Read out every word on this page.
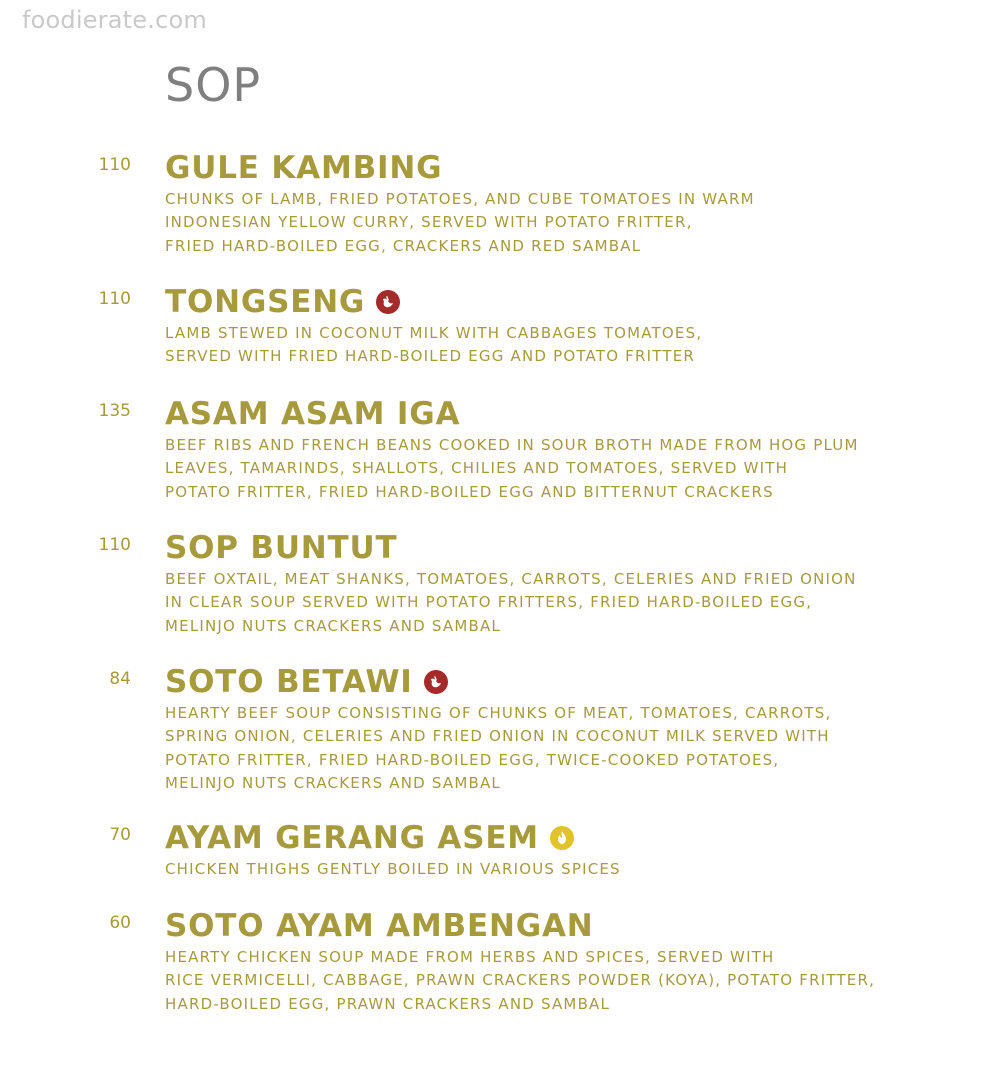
foodierate.com
SOP
110 GULE KAMBING
CHUNKS OF LAMB, FRIED POTATOES, AND CUBE TOMATOES IN WARM
INDONESIAN YELLOW CURRY, SERVED WITH POTATO FRITTER,
FRIED HARD-BOILED EGG, CRACKERS AND RED SAMBAL
110 TONGSENG
LAMB STEWED IN COCONUT MILK WITH CABBAGES TOMATOES,
SERVED WITH FRIED HARD-BOILED EGG AND POTATO FRITTER
135 ASAM ASAM IGA
BEEF RIBS AND FRENCH BEANS COOKED IN SOUR BROTH MADE FROM HOG PLUM
LEAVES, TAMARINDS, SHALLOTS, CHILIES AND TOMATOES, SERVED WITH
POTATO FRITTER, FRIED HARD-BOILED EGG AND BITTERNUT CRACKERS
110 SOP BUNTUT
BEEF OXTAIL, MEAT SHANKS, TOMATOES, CARROTS, CELERIES AND FRIED ONION
IN CLEAR SOUP SERVED WITH POTATO FRITTERS, FRIED HARD-BOILED EGG,
MELINJO NUTS CRACKERS AND SAMBAL
84 SOTO BETAWI
HEARTY BEEF SOUP CONSISTING OF CHUNKS OF MEAT, TOMATOES, CARROTS,
SPRING ONION, CELERIES AND FRIED ONION IN COCONUT MILK SERVED WITH
POTATO FRITTER, FRIED HARD-BOILED EGG, TWICE-COOKED POTATOES,
MELINJO NUTS CRACKERS AND SAMBAL
70 AYAM GERANG ASEM
CHICKEN THIGHS GENTLY BOILED IN VARIOUS SPICES
60 SOTO AYAM AMBENGAN
HEARTY CHICKEN SOUP MADE FROM HERBS AND SPICES, SERVED WITH
RICE VERMICELLI, CABBAGE, PRAWN CRACKERS POWDER (KOYA), POTATO FRITTER,
HARD-BOILED EGG, PRAWN CRACKERS AND SAMBAL
